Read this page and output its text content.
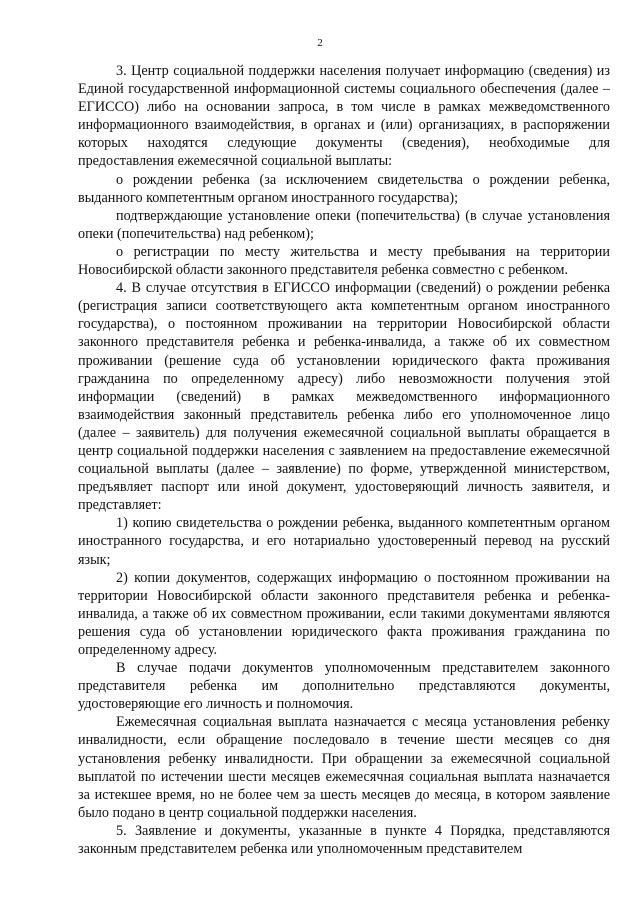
2

3. Центр социальной поддержки населения получает информацию (сведения) из Единой государственной информационной системы социального обеспечения (далее – ЕГИССО) либо на основании запроса, в том числе в рамках межведомственного информационного взаимодействия, в органах и (или) организациях, в распоряжении которых находятся следующие документы (сведения), необходимые для предоставления ежемесячной социальной выплаты:

о рождении ребенка (за исключением свидетельства о рождении ребенка, выданного компетентным органом иностранного государства);

подтверждающие установление опеки (попечительства) (в случае установления опеки (попечительства) над ребенком);

о регистрации по месту жительства и месту пребывания на территории Новосибирской области законного представителя ребенка совместно с ребенком.

4. В случае отсутствия в ЕГИССО информации (сведений) о рождении ребенка (регистрация записи соответствующего акта компетентным органом иностранного государства), о постоянном проживании на территории Новосибирской области законного представителя ребенка и ребенка-инвалида, а также об их совместном проживании (решение суда об установлении юридического факта проживания гражданина по определенному адресу) либо невозможности получения этой информации (сведений) в рамках межведомственного информационного взаимодействия законный представитель ребенка либо его уполномоченное лицо (далее – заявитель) для получения ежемесячной социальной выплаты обращается в центр социальной поддержки населения с заявлением на предоставление ежемесячной социальной выплаты (далее – заявление) по форме, утвержденной министерством, предъявляет паспорт или иной документ, удостоверяющий личность заявителя, и представляет:

1) копию свидетельства о рождении ребенка, выданного компетентным органом иностранного государства, и его нотариально удостоверенный перевод на русский язык;

2) копии документов, содержащих информацию о постоянном проживании на территории Новосибирской области законного представителя ребенка и ребенка-инвалида, а также об их совместном проживании, если такими документами являются решения суда об установлении юридического факта проживания гражданина по определенному адресу.

В случае подачи документов уполномоченным представителем законного представителя ребенка им дополнительно представляются документы, удостоверяющие его личность и полномочия.

Ежемесячная социальная выплата назначается с месяца установления ребенку инвалидности, если обращение последовало в течение шести месяцев со дня установления ребенку инвалидности. При обращении за ежемесячной социальной выплатой по истечении шести месяцев ежемесячная социальная выплата назначается за истекшее время, но не более чем за шесть месяцев до месяца, в котором заявление было подано в центр социальной поддержки населения.

5. Заявление и документы, указанные в пункте 4 Порядка, представляются законным представителем ребенка или уполномоченным представителем
